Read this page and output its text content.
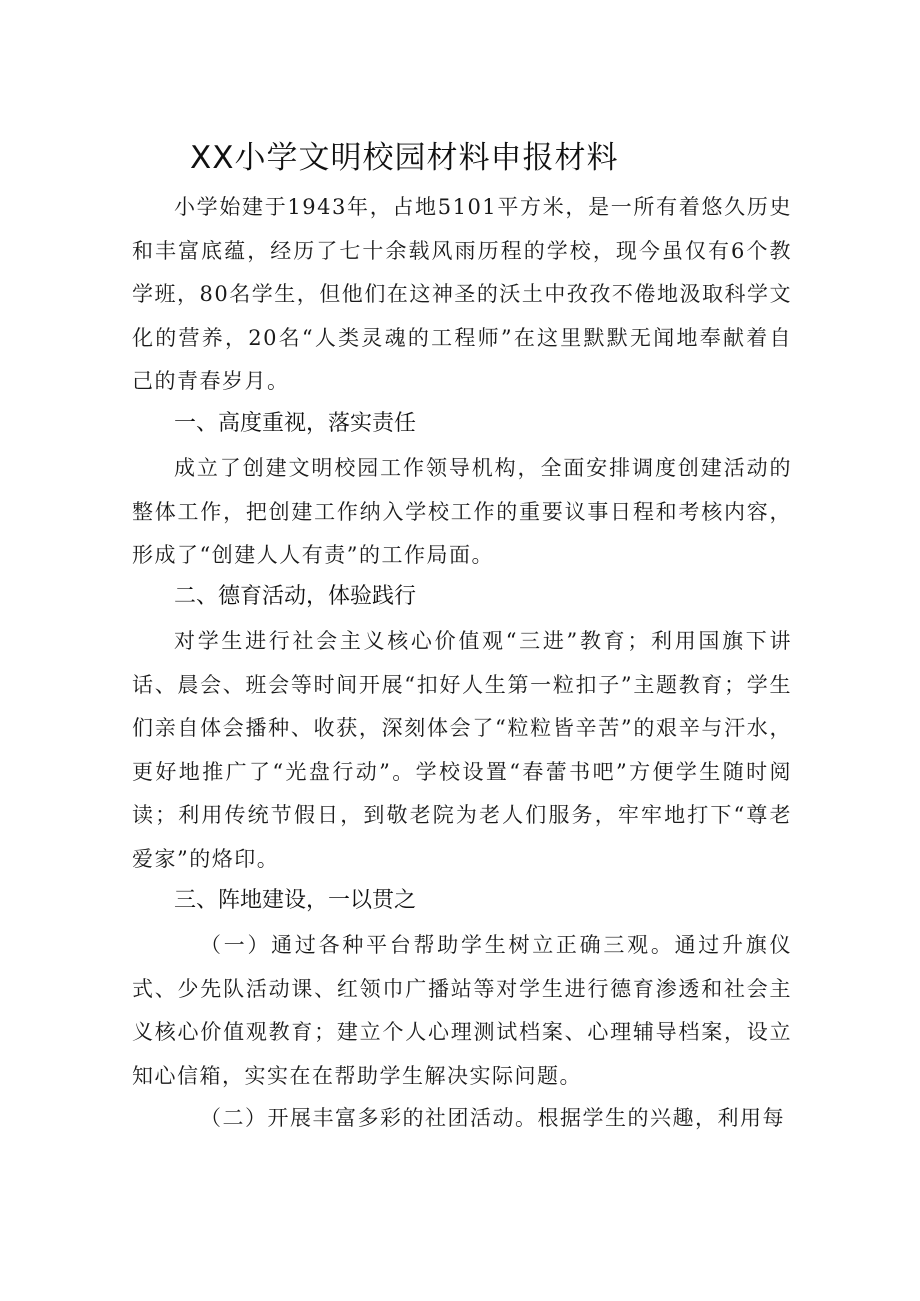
XX小学文明校园材料申报材料

小学始建于1943年，占地5101平方米，是一所有着悠久历史和丰富底蕴，经历了七十余载风雨历程的学校，现今虽仅有6个教学班，80名学生，但他们在这神圣的沃土中孜孜不倦地汲取科学文化的营养，20名“人类灵魂的工程师”在这里默默无闻地奉献着自己的青春岁月。

一、高度重视，落实责任

成立了创建文明校园工作领导机构，全面安排调度创建活动的整体工作，把创建工作纳入学校工作的重要议事日程和考核内容，形成了“创建人人有责”的工作局面。

二、德育活动，体验践行

对学生进行社会主义核心价值观“三进”教育；利用国旗下讲话、晨会、班会等时间开展“扣好人生第一粒扣子”主题教育；学生们亲自体会播种、收获，深刻体会了“粒粒皆辛苦”的艰辛与汗水，更好地推广了“光盘行动”。学校设置“春蕾书吧”方便学生随时阅读；利用传统节假日，到敬老院为老人们服务，牢牢地打下“尊老爱家”的烙印。

三、阵地建设，一以贯之

（一）通过各种平台帮助学生树立正确三观。通过升旗仪式、少先队活动课、红领巾广播站等对学生进行德育渗透和社会主义核心价值观教育；建立个人心理测试档案、心理辅导档案，设立知心信箱，实实在在帮助学生解决实际问题。

（二）开展丰富多彩的社团活动。根据学生的兴趣，利用每
